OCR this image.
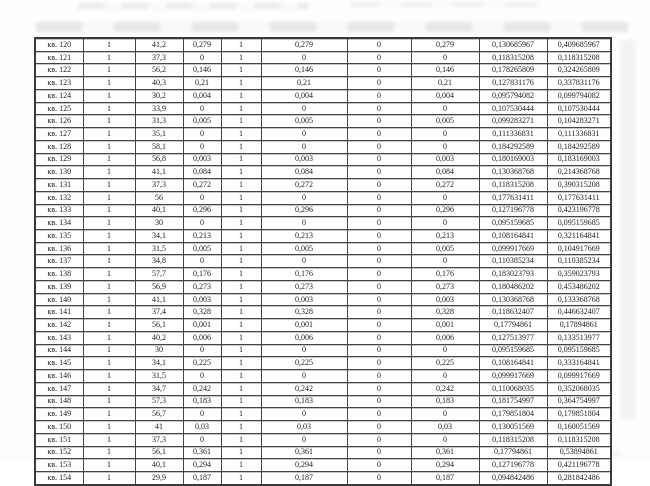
кв. 120	1	41,2	0,279	1	0,279	0	0,279	0,130685967	0,409685967
кв. 121	1	37,3	0	1	0	0	0	0,118315208	0,118315208
кв. 122	1	56,2	0,146	1	0,146	0	0,146	0,178265809	0,324265809
кв. 123	1	40,3	0,21	1	0,21	0	0,21	0,127831176	0,337831176
кв. 124	1	30,2	0,004	1	0,004	0	0,004	0,095794082	0,099794082
кв. 125	1	33,9	0	1	0	0	0	0,107530444	0,107530444
кв. 126	1	31,3	0,005	1	0,005	0	0,005	0,099283271	0,104283271
кв. 127	1	35,1	0	1	0	0	0	0,111336831	0,111336831
кв. 128	1	58,1	0	1	0	0	0	0,184292589	0,184292589
кв. 129	1	56,8	0,003	1	0,003	0	0,003	0,180169003	0,183169003
кв. 130	1	41,1	0,084	1	0,084	0	0,084	0,130368768	0,214368768
кв. 131	1	37,3	0,272	1	0,272	0	0,272	0,118315208	0,390315208
кв. 132	1	56	0	1	0	0	0	0,177631411	0,177631411
кв. 133	1	40,1	0,296	1	0,296	0	0,296	0,127196778	0,423196778
кв. 134	1	30	0	1	0	0	0	0,095159685	0,095159685
кв. 135	1	34,1	0,213	1	0,213	0	0,213	0,108164841	0,321164841
кв. 136	1	31,5	0,005	1	0,005	0	0,005	0,099917669	0,104917669
кв. 137	1	34,8	0	1	0	0	0	0,110385234	0,110385234
кв. 138	1	57,7	0,176	1	0,176	0	0,176	0,183023793	0,359023793
кв. 139	1	56,9	0,273	1	0,273	0	0,273	0,180486202	0,453486202
кв. 140	1	41,1	0,003	1	0,003	0	0,003	0,130368768	0,133368768
кв. 141	1	37,4	0,328	1	0,328	0	0,328	0,118632407	0,446632407
кв. 142	1	56,1	0,001	1	0,001	0	0,001	0,17794861	0,17894861
кв. 143	1	40,2	0,006	1	0,006	0	0,006	0,127513977	0,133513977
кв. 144	1	30	0	1	0	0	0	0,095159685	0,095159685
кв. 145	1	34,1	0,225	1	0,225	0	0,225	0,108164841	0,333164841
кв. 146	1	31,5	0	1	0	0	0	0,099917669	0,099917669
кв. 147	1	34,7	0,242	1	0,242	0	0,242	0,110068035	0,352068035
кв. 148	1	57,3	0,183	1	0,183	0	0,183	0,181754997	0,364754997
кв. 149	1	56,7	0	1	0	0	0	0,179851804	0,179851804
кв. 150	1	41	0,03	1	0,03	0	0,03	0,130051569	0,160051569
кв. 151	1	37,3	0	1	0	0	0	0,118315208	0,118315208
кв. 152	1	56,1	0,361	1	0,361	0	0,361	0,17794861	0,53894861
кв. 153	1	40,1	0,294	1	0,294	0	0,294	0,127196778	0,421196778
кв. 154	1	29,9	0,187	1	0,187	0	0,187	0,094842486	0,281842486
